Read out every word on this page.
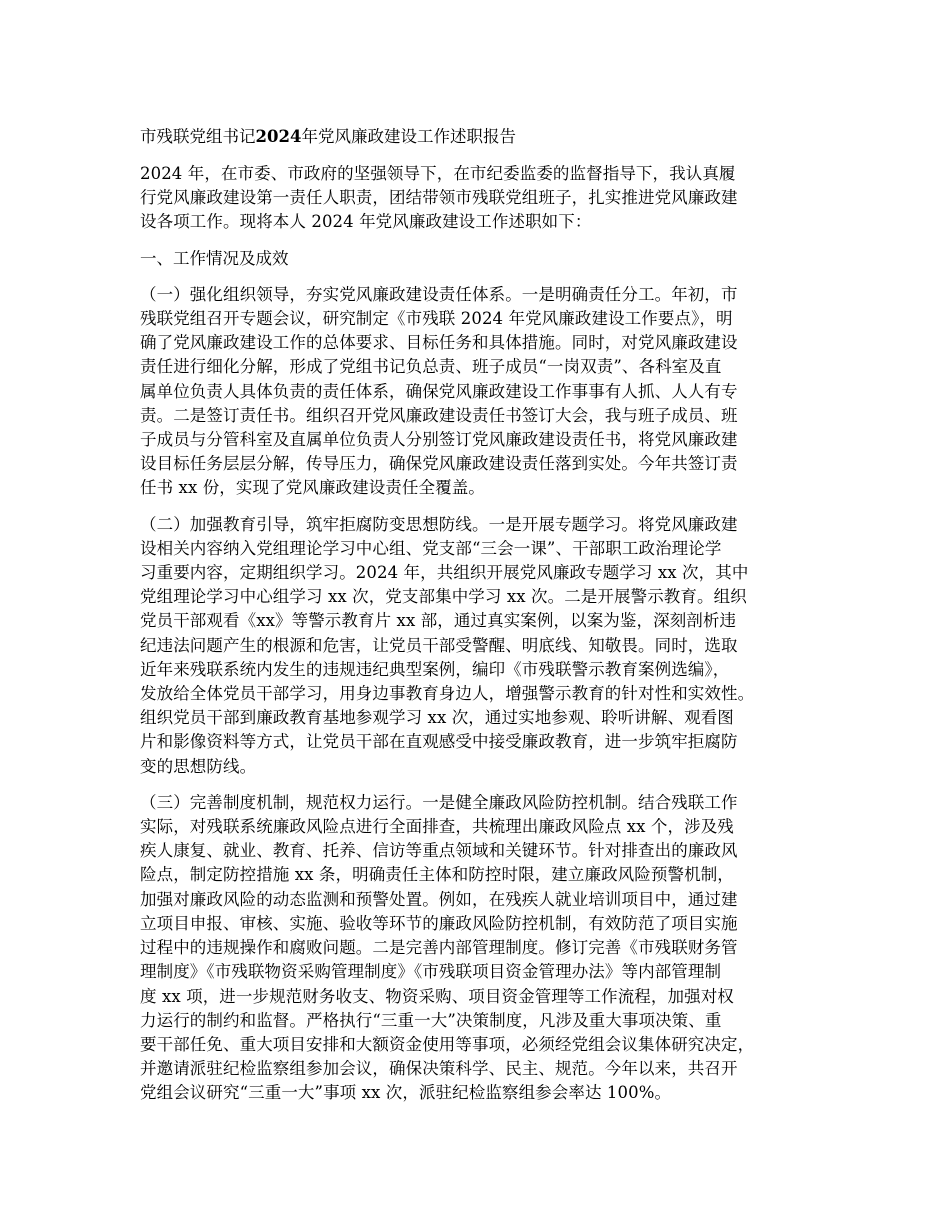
市残联党组书记2024年党风廉政建设工作述职报告
2024 年，在市委、市政府的坚强领导下，在市纪委监委的监督指导下，我认真履
行党风廉政建设第一责任人职责，团结带领市残联党组班子，扎实推进党风廉政建
设各项工作。现将本人 2024 年党风廉政建设工作述职如下：
一、工作情况及成效
（一）强化组织领导，夯实党风廉政建设责任体系。一是明确责任分工。年初，市
残联党组召开专题会议，研究制定《市残联 2024 年党风廉政建设工作要点》，明
确了党风廉政建设工作的总体要求、目标任务和具体措施。同时，对党风廉政建设
责任进行细化分解，形成了党组书记负总责、班子成员“一岗双责”、各科室及直
属单位负责人具体负责的责任体系，确保党风廉政建设工作事事有人抓、人人有专
责。二是签订责任书。组织召开党风廉政建设责任书签订大会，我与班子成员、班
子成员与分管科室及直属单位负责人分别签订党风廉政建设责任书，将党风廉政建
设目标任务层层分解，传导压力，确保党风廉政建设责任落到实处。今年共签订责
任书 xx 份，实现了党风廉政建设责任全覆盖。
（二）加强教育引导，筑牢拒腐防变思想防线。一是开展专题学习。将党风廉政建
设相关内容纳入党组理论学习中心组、党支部“三会一课”、干部职工政治理论学
习重要内容，定期组织学习。2024 年，共组织开展党风廉政专题学习 xx 次，其中
党组理论学习中心组学习 xx 次，党支部集中学习 xx 次。二是开展警示教育。组织
党员干部观看《xx》等警示教育片 xx 部，通过真实案例，以案为鉴，深刻剖析违
纪违法问题产生的根源和危害，让党员干部受警醒、明底线、知敬畏。同时，选取
近年来残联系统内发生的违规违纪典型案例，编印《市残联警示教育案例选编》，
发放给全体党员干部学习，用身边事教育身边人，增强警示教育的针对性和实效性。
组织党员干部到廉政教育基地参观学习 xx 次，通过实地参观、聆听讲解、观看图
片和影像资料等方式，让党员干部在直观感受中接受廉政教育，进一步筑牢拒腐防
变的思想防线。
（三）完善制度机制，规范权力运行。一是健全廉政风险防控机制。结合残联工作
实际，对残联系统廉政风险点进行全面排查，共梳理出廉政风险点 xx 个，涉及残
疾人康复、就业、教育、托养、信访等重点领域和关键环节。针对排查出的廉政风
险点，制定防控措施 xx 条，明确责任主体和防控时限，建立廉政风险预警机制，
加强对廉政风险的动态监测和预警处置。例如，在残疾人就业培训项目中，通过建
立项目申报、审核、实施、验收等环节的廉政风险防控机制，有效防范了项目实施
过程中的违规操作和腐败问题。二是完善内部管理制度。修订完善《市残联财务管
理制度》《市残联物资采购管理制度》《市残联项目资金管理办法》等内部管理制
度 xx 项，进一步规范财务收支、物资采购、项目资金管理等工作流程，加强对权
力运行的制约和监督。严格执行“三重一大”决策制度，凡涉及重大事项决策、重
要干部任免、重大项目安排和大额资金使用等事项，必须经党组会议集体研究决定，
并邀请派驻纪检监察组参加会议，确保决策科学、民主、规范。今年以来，共召开
党组会议研究“三重一大”事项 xx 次，派驻纪检监察组参会率达 100%。
